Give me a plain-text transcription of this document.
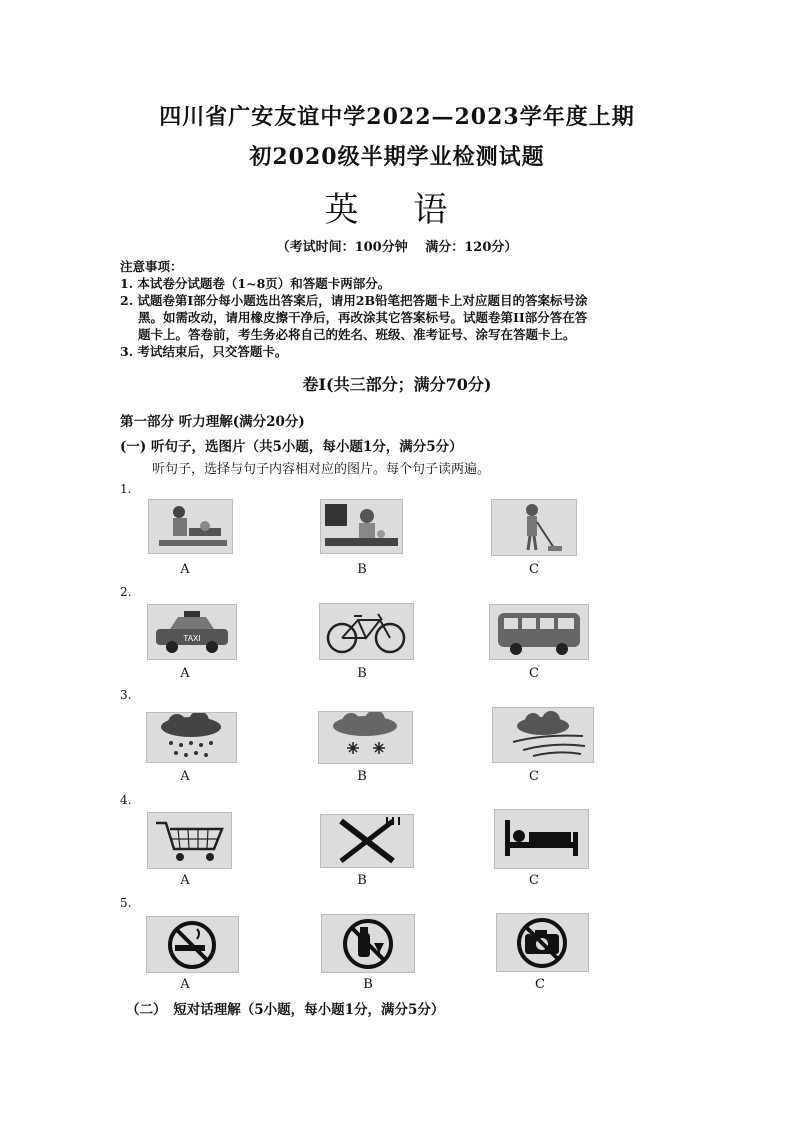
四川省广安友谊中学2022—2023学年度上期
初2020级半期学业检测试题
英 语
（考试时间：100分钟　 满分：120分）
注意事项：
1. 本试卷分试题卷（1~8页）和答题卡两部分。
2. 试题卷第Ⅰ部分每小题选出答案后，请用2B铅笔把答题卡上对应题目的答案标号涂
黑。如需改动，请用橡皮擦干净后，再改涂其它答案标号。试题卷第II部分答在答
题卡上。答卷前，考生务必将自己的姓名、班级、准考证号、涂写在答题卡上。
3. 考试结束后，只交答题卡。
卷Ⅰ(共三部分；满分70分)
第一部分 听力理解(满分20分)
(一) 听句子，选图片（共5小题，每小题1分，满分5分）
听句子，选择与句子内容相对应的图片。每个句子读两遍。
1.
A	B	C
2.
TAXI
A	B	C
3.
A	B	C
4.
A	B	C
5.
A	B	C
（二）　短对话理解（5小题，每小题1分，满分5分）
